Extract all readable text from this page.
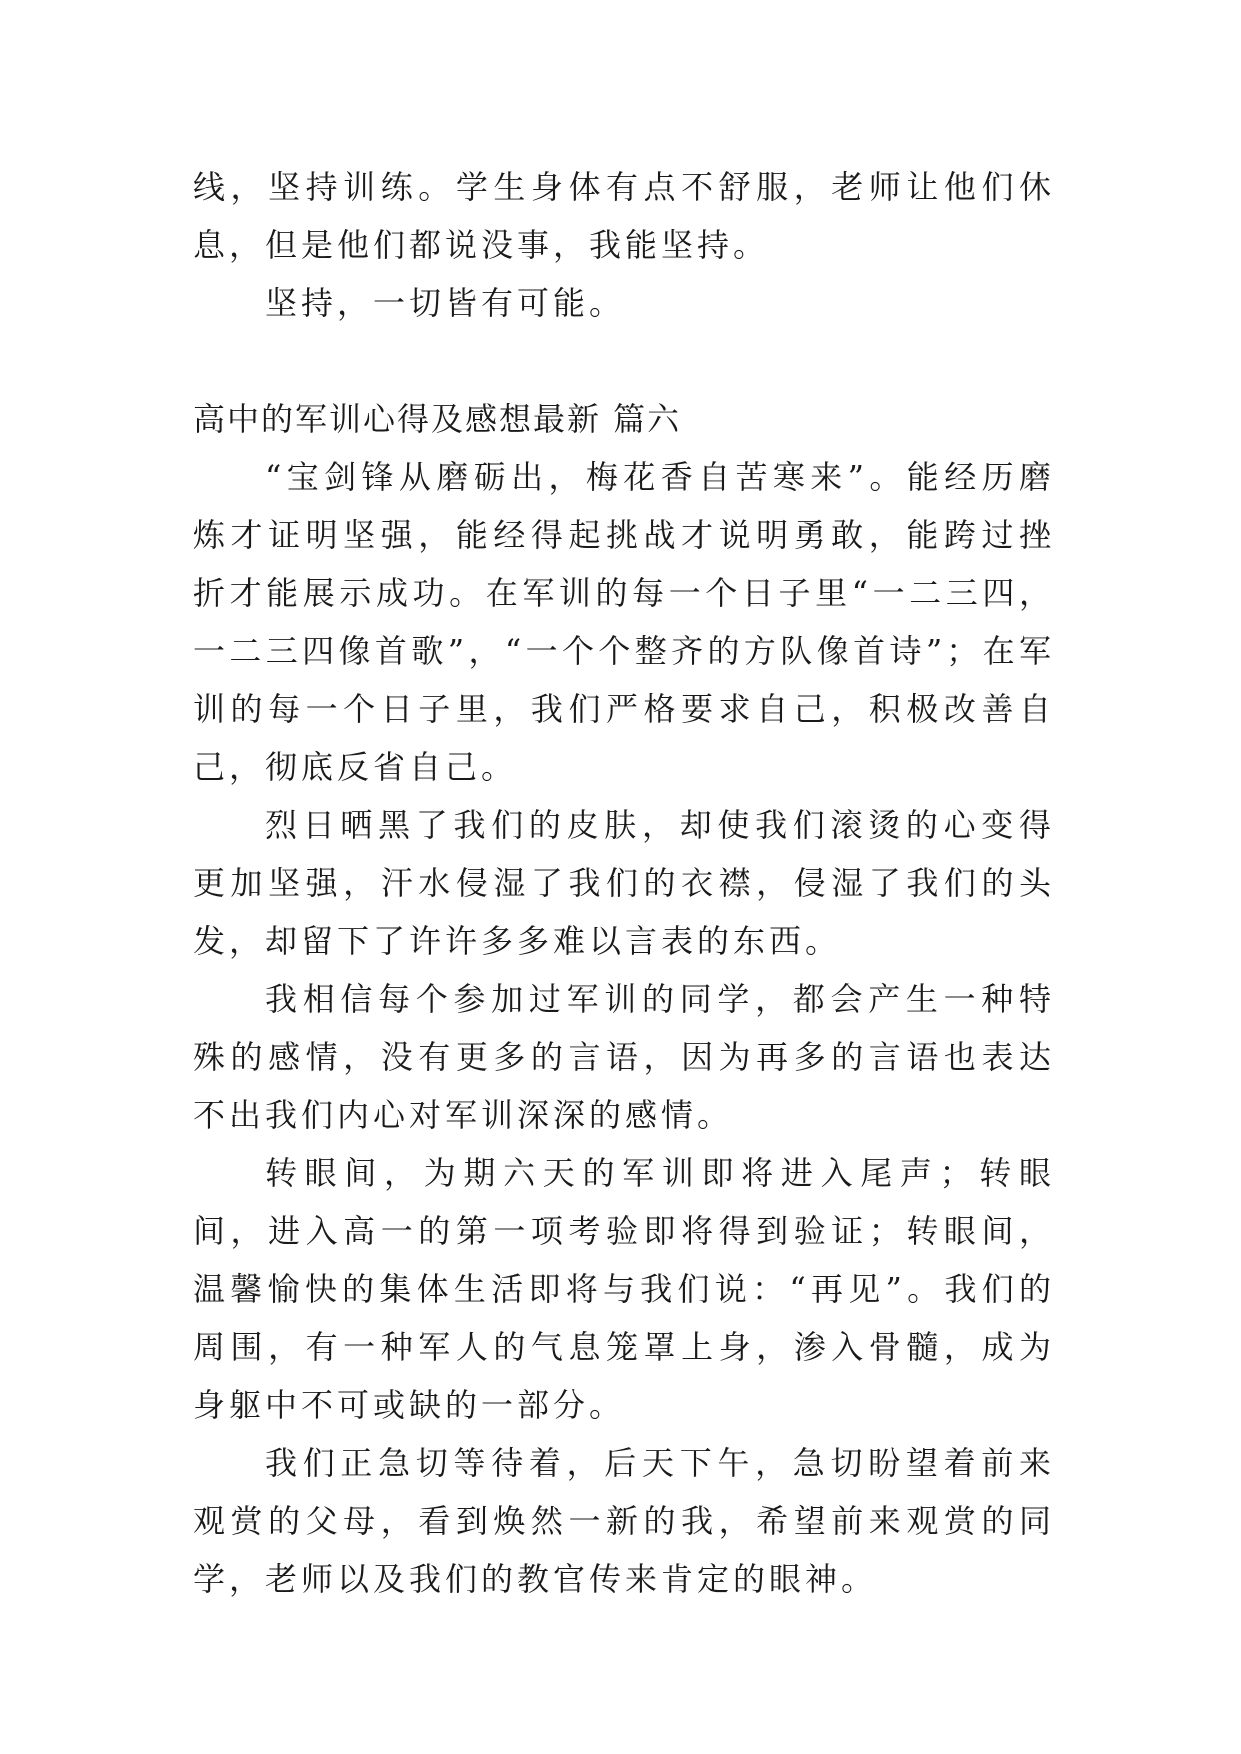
线，坚持训练。学生身体有点不舒服，老师让他们休息，但是他们都说没事，我能坚持。

坚持，一切皆有可能。

高中的军训心得及感想最新 篇六

“宝剑锋从磨砺出，梅花香自苦寒来”。能经历磨炼才证明坚强，能经得起挑战才说明勇敢，能跨过挫折才能展示成功。在军训的每一个日子里“一二三四，一二三四像首歌”，“一个个整齐的方队像首诗”；在军训的每一个日子里，我们严格要求自己，积极改善自己，彻底反省自己。

烈日晒黑了我们的皮肤，却使我们滚烫的心变得更加坚强，汗水侵湿了我们的衣襟，侵湿了我们的头发，却留下了许许多多难以言表的东西。

我相信每个参加过军训的同学，都会产生一种特殊的感情，没有更多的言语，因为再多的言语也表达不出我们内心对军训深深的感情。

转眼间，为期六天的军训即将进入尾声；转眼间，进入高一的第一项考验即将得到验证；转眼间，温馨愉快的集体生活即将与我们说：“再见”。我们的周围，有一种军人的气息笼罩上身，渗入骨髓，成为身躯中不可或缺的一部分。

我们正急切等待着，后天下午，急切盼望着前来观赏的父母，看到焕然一新的我，希望前来观赏的同学，老师以及我们的教官传来肯定的眼神。
